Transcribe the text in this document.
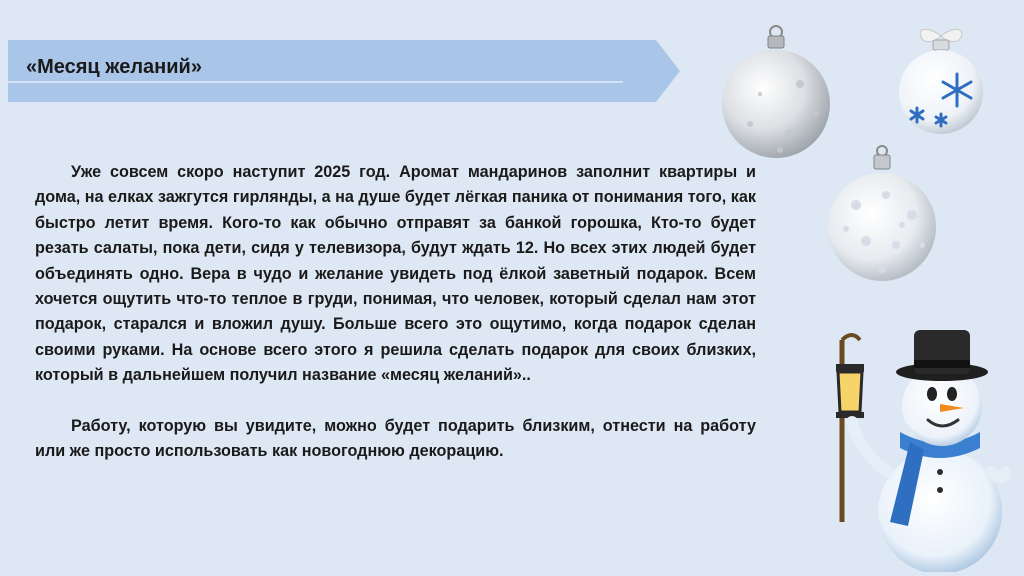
«Месяц желаний»

Уже совсем скоро наступит 2025 год. Аромат мандаринов заполнит квартиры и дома, на елках зажгутся гирлянды, а на душе будет лёгкая паника от понимания того, как быстро летит время. Кого-то как обычно отправят за банкой горошка, Кто-то будет резать салаты, пока дети, сидя у телевизора, будут ждать 12. Но всех этих людей будет объединять одно. Вера в чудо и желание увидеть под ёлкой заветный подарок. Всем хочется ощутить что-то теплое в груди, понимая, что человек, который сделал нам этот подарок, старался и вложил душу. Больше всего это ощутимо, когда подарок сделан своими руками. На основе всего этого я решила сделать подарок для своих близких, который в дальнейшем получил название «месяц желаний»..

Работу, которую вы увидите, можно будет подарить близким, отнести на работу или же просто использовать как новогоднюю декорацию.
